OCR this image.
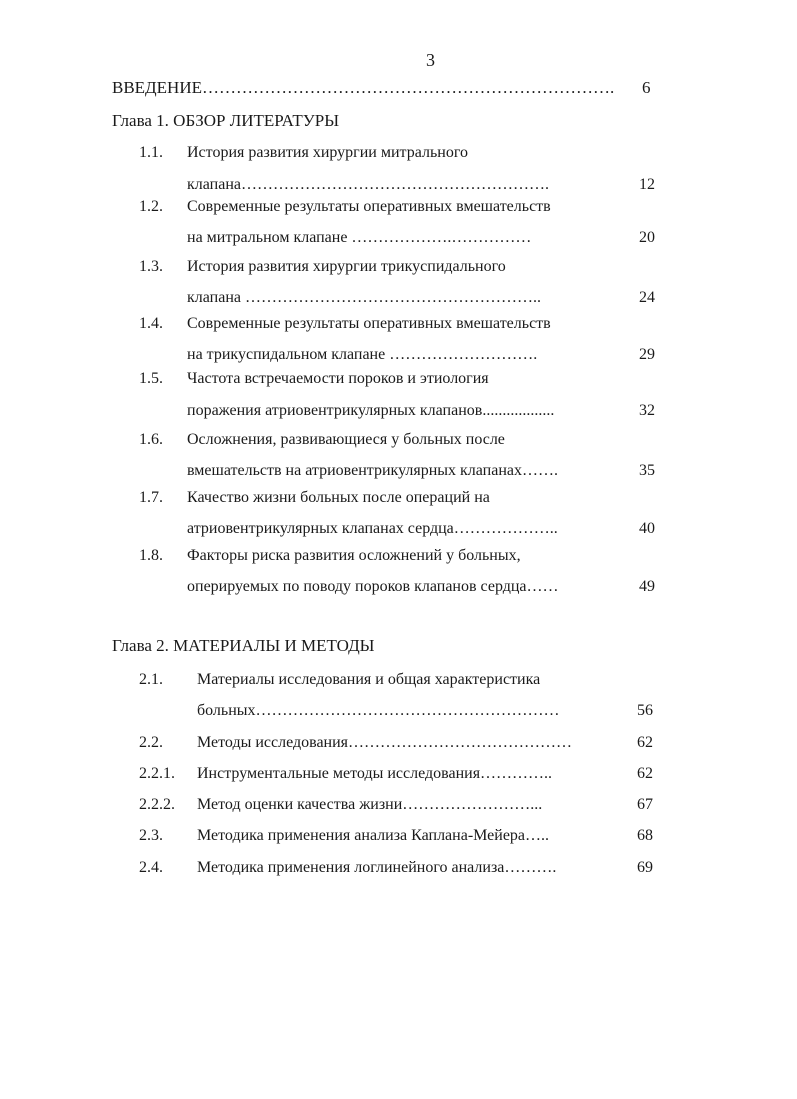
3
ВВЕДЕНИЕ………………………………………………………………. 6
Глава 1. ОБЗОР ЛИТЕРАТУРЫ
1.1. История развития хирургии митрального
клапана………………………………………………….	12
1.2. Современные результаты оперативных вмешательств
на митральном клапане ……………….……………	20
1.3. История развития хирургии трикуспидального
клапана ………………………………………………..	24
1.4. Современные результаты оперативных вмешательств
на трикуспидальном клапане ……………………….	29
1.5. Частота встречаемости пороков и этиология
поражения атриовентрикулярных клапанов..................	32
1.6. Осложнения, развивающиеся у больных после
вмешательств на атриовентрикулярных клапанах…….	35
1.7. Качество жизни больных после операций на
атриовентрикулярных клапанах сердца………………..	40
1.8. Факторы риска развития осложнений у больных,
оперируемых по поводу пороков клапанов сердца……	49
Глава 2. МАТЕРИАЛЫ И МЕТОДЫ
2.1. Материалы исследования и общая характеристика
больных…………………………………………………	56
2.2. Методы исследования……………………………………	62
2.2.1. Инструментальные методы исследования…………..	62
2.2.2. Метод оценки качества жизни……………………...	67
2.3. Методика применения анализа Каплана-Мейера…..	68
2.4. Методика применения логлинейного анализа……….	69
